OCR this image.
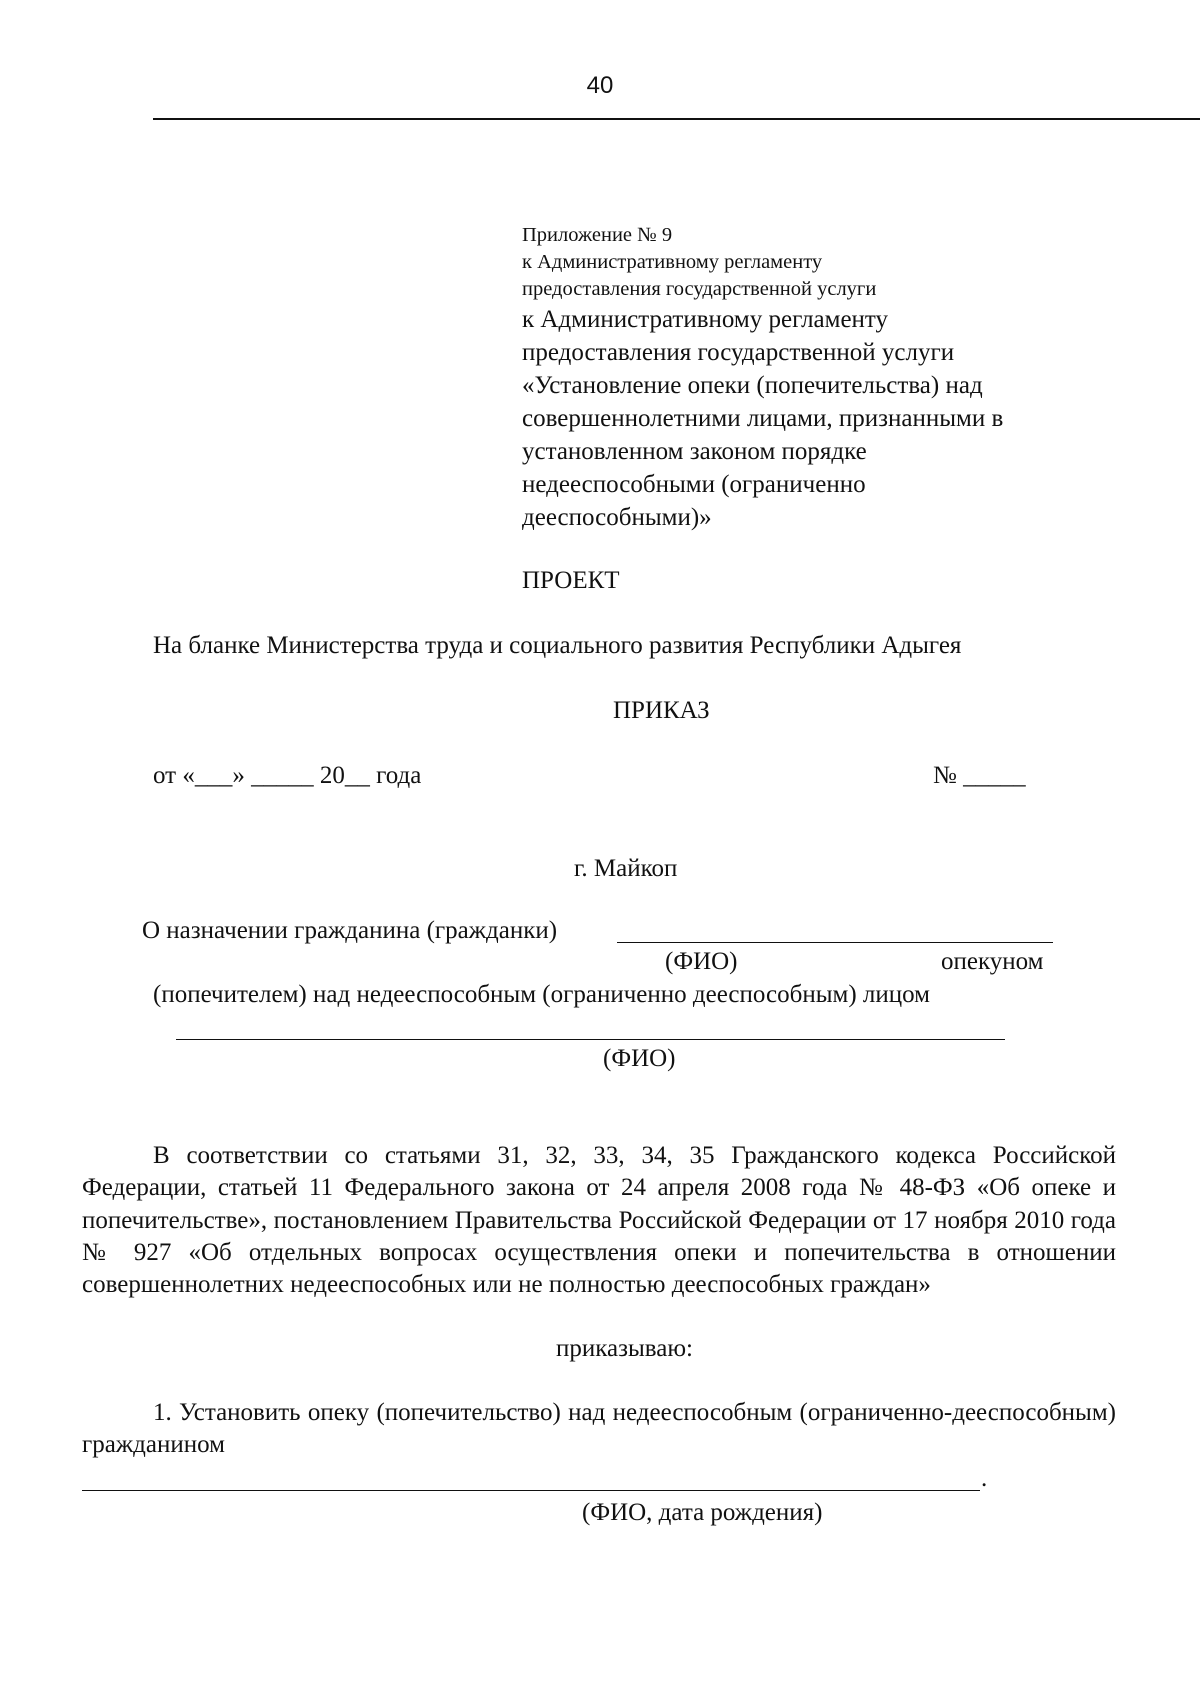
40
Приложение № 9
к Административному регламенту
предоставления государственной услуги
к Административному регламенту
предоставления государственной услуги
«Установление опеки (попечительства) над
совершеннолетними лицами, признанными в
установленном законом порядке
недееспособными (ограниченно
дееспособными)»
ПРОЕКТ
На бланке Министерства труда и социального развития Республики Адыгея
ПРИКАЗ
от «___» _____ 20__ года	№ _____
г. Майкоп
О назначении гражданина (гражданки)
(ФИО)	опекуном
(попечителем) над недееспособным (ограниченно дееспособным) лицом
(ФИО)
В соответствии со статьями 31, 32, 33, 34, 35 Гражданского кодекса Российской Федерации, статьей 11 Федерального закона от 24 апреля 2008 года № 48-ФЗ «Об опеке и попечительстве», постановлением Правительства Российской Федерации от 17 ноября 2010 года № 927 «Об отдельных вопросах осуществления опеки и попечительства в отношении совершеннолетних недееспособных или не полностью дееспособных граждан»
приказываю:
1. Установить опеку (попечительство) над недееспособным (ограниченно-дееспособным) гражданином
.
(ФИО, дата рождения)
